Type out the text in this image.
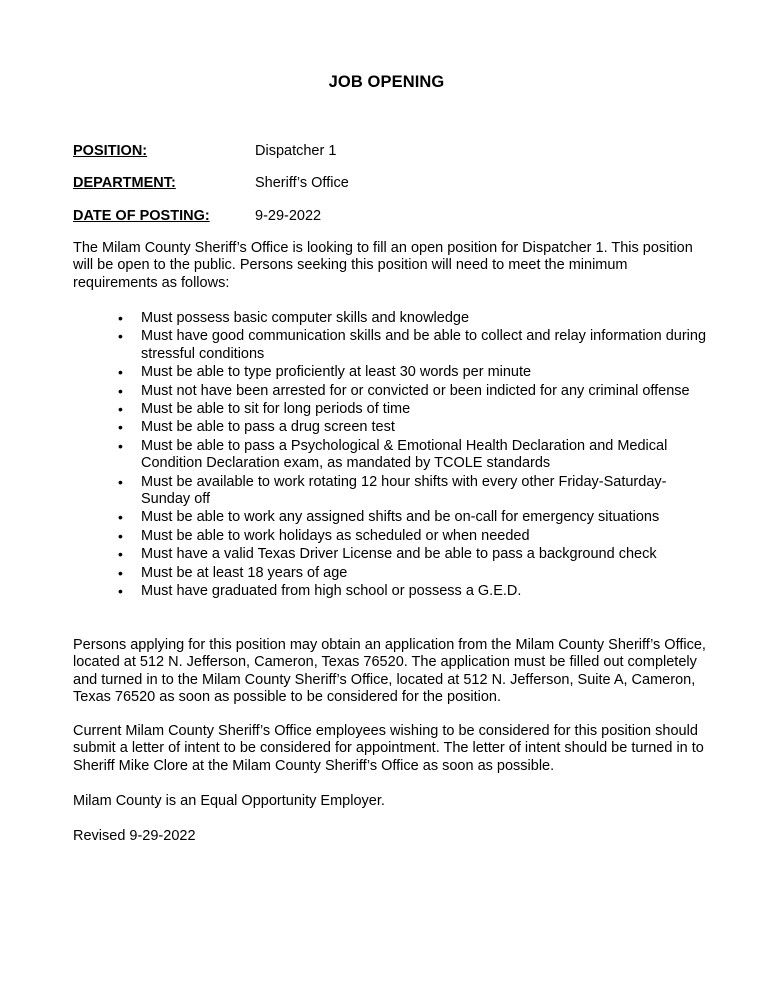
JOB OPENING
POSITION:	Dispatcher 1
DEPARTMENT:	Sheriff’s Office
DATE OF POSTING:	9-29-2022

The Milam County Sheriff’s Office is looking to fill an open position for Dispatcher 1. This position will be open to the public. Persons seeking this position will need to meet the minimum requirements as follows:

• Must possess basic computer skills and knowledge
• Must have good communication skills and be able to collect and relay information during stressful conditions
• Must be able to type proficiently at least 30 words per minute
• Must not have been arrested for or convicted or been indicted for any criminal offense
• Must be able to sit for long periods of time
• Must be able to pass a drug screen test
• Must be able to pass a Psychological & Emotional Health Declaration and Medical Condition Declaration exam, as mandated by TCOLE standards
• Must be available to work rotating 12 hour shifts with every other Friday-Saturday-Sunday off
• Must be able to work any assigned shifts and be on-call for emergency situations
• Must be able to work holidays as scheduled or when needed
• Must have a valid Texas Driver License and be able to pass a background check
• Must be at least 18 years of age
• Must have graduated from high school or possess a G.E.D.

Persons applying for this position may obtain an application from the Milam County Sheriff’s Office, located at 512 N. Jefferson, Cameron, Texas 76520. The application must be filled out completely and turned in to the Milam County Sheriff’s Office, located at 512 N. Jefferson, Suite A, Cameron, Texas 76520 as soon as possible to be considered for the position.

Current Milam County Sheriff’s Office employees wishing to be considered for this position should submit a letter of intent to be considered for appointment. The letter of intent should be turned in to Sheriff Mike Clore at the Milam County Sheriff’s Office as soon as possible.

Milam County is an Equal Opportunity Employer.

Revised 9-29-2022
